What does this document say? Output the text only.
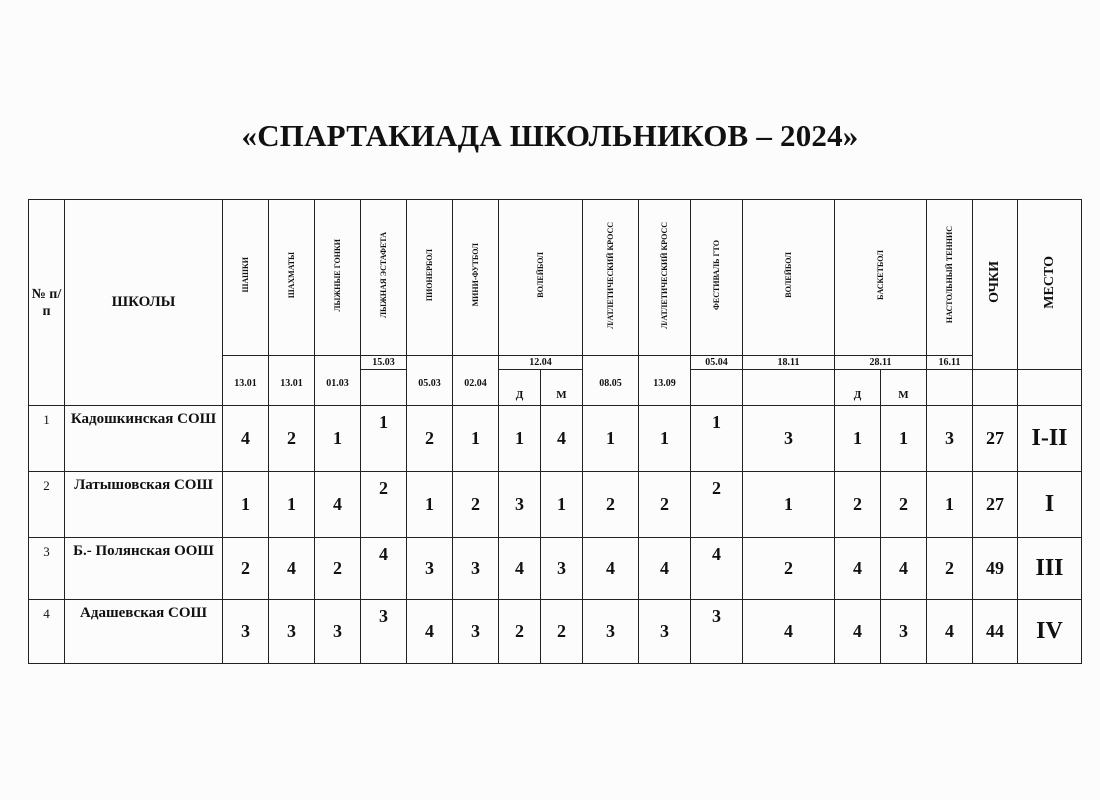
«СПАРТАКИАДА ШКОЛЬНИКОВ – 2024»
№ п/п	ШКОЛЫ	ШАШКИ	ШАХМАТЫ	ЛЫЖНЫЕ ГОНКИ	ЛЫЖНАЯ ЭСТАФЕТА	ПИОНЕРБОЛ	МИНИ-ФУТБОЛ	ВОЛЕЙБОЛ		Л/АТЛЕТИЧЕСКИЙ КРОСС	Л/АТЛЕТИЧЕСКИЙ КРОСС	ФЕСТИВАЛЬ ГТО	ВОЛЕЙБОЛ	БАСКЕТБОЛ		НАСТОЛЬНЫЙ ТЕННИС	ОЧКИ	МЕСТО
		13.01	13.01	01.03	15.03	05.03	02.04	12.04		08.05	13.09	05.04	18.11	28.11		16.11		
								Д	М					Д	М			
1	Кадошкинская СОШ	4	2	1	1	2	1	1	4	1	1	1	3	1	1	3	27	I-II
2	Латышовская СОШ	1	1	4	2	1	2	3	1	2	2	2	1	2	2	1	27	I
3	Б.- Полянская ООШ	2	4	2	4	3	3	4	3	4	4	4	2	4	4	2	49	III
4	Адашевская СОШ	3	3	3	3	4	3	2	2	3	3	3	4	4	3	4	44	IV
